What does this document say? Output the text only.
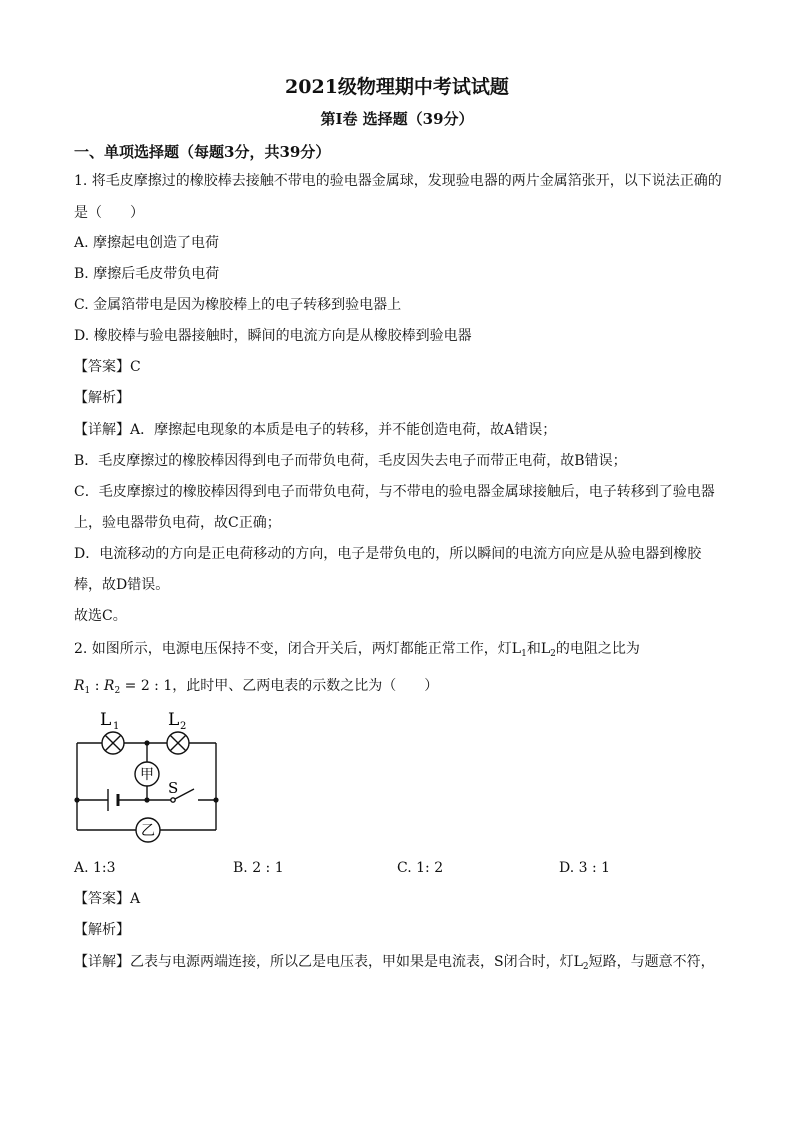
2021级物理期中考试试题
第Ⅰ卷 选择题（39分）
一、单项选择题（每题3分，共39分）
1. 将毛皮摩擦过的橡胶棒去接触不带电的验电器金属球，发现验电器的两片金属箔张开，以下说法正确的
是（　　）
A. 摩擦起电创造了电荷
B. 摩擦后毛皮带负电荷
C. 金属箔带电是因为橡胶棒上的电子转移到验电器上
D. 橡胶棒与验电器接触时，瞬间的电流方向是从橡胶棒到验电器
【答案】C
【解析】
【详解】A．摩擦起电现象的本质是电子的转移，并不能创造电荷，故A错误；
B．毛皮摩擦过的橡胶棒因得到电子而带负电荷，毛皮因失去电子而带正电荷，故B错误；
C．毛皮摩擦过的橡胶棒因得到电子而带负电荷，与不带电的验电器金属球接触后，电子转移到了验电器
上，验电器带负电荷，故C正确；
D．电流移动的方向是正电荷移动的方向，电子是带负电的，所以瞬间的电流方向应是从验电器到橡胶
棒，故D错误。
故选C。
2. 如图所示，电源电压保持不变，闭合开关后，两灯都能正常工作，灯$L_1$和$L_2$的电阻之比为
$R_1$ : $R_2 = 2$ : 1，此时甲、乙两电表的示数之比为（　　）
L 1	L 2
甲
S
乙
A. 1:3	B. 2 : 1	C. 1: 2	D. 3 : 1
【答案】A
【解析】
【详解】乙表与电源两端连接，所以乙是电压表，甲如果是电流表，S闭合时，灯$L_2$短路，与题意不符，
